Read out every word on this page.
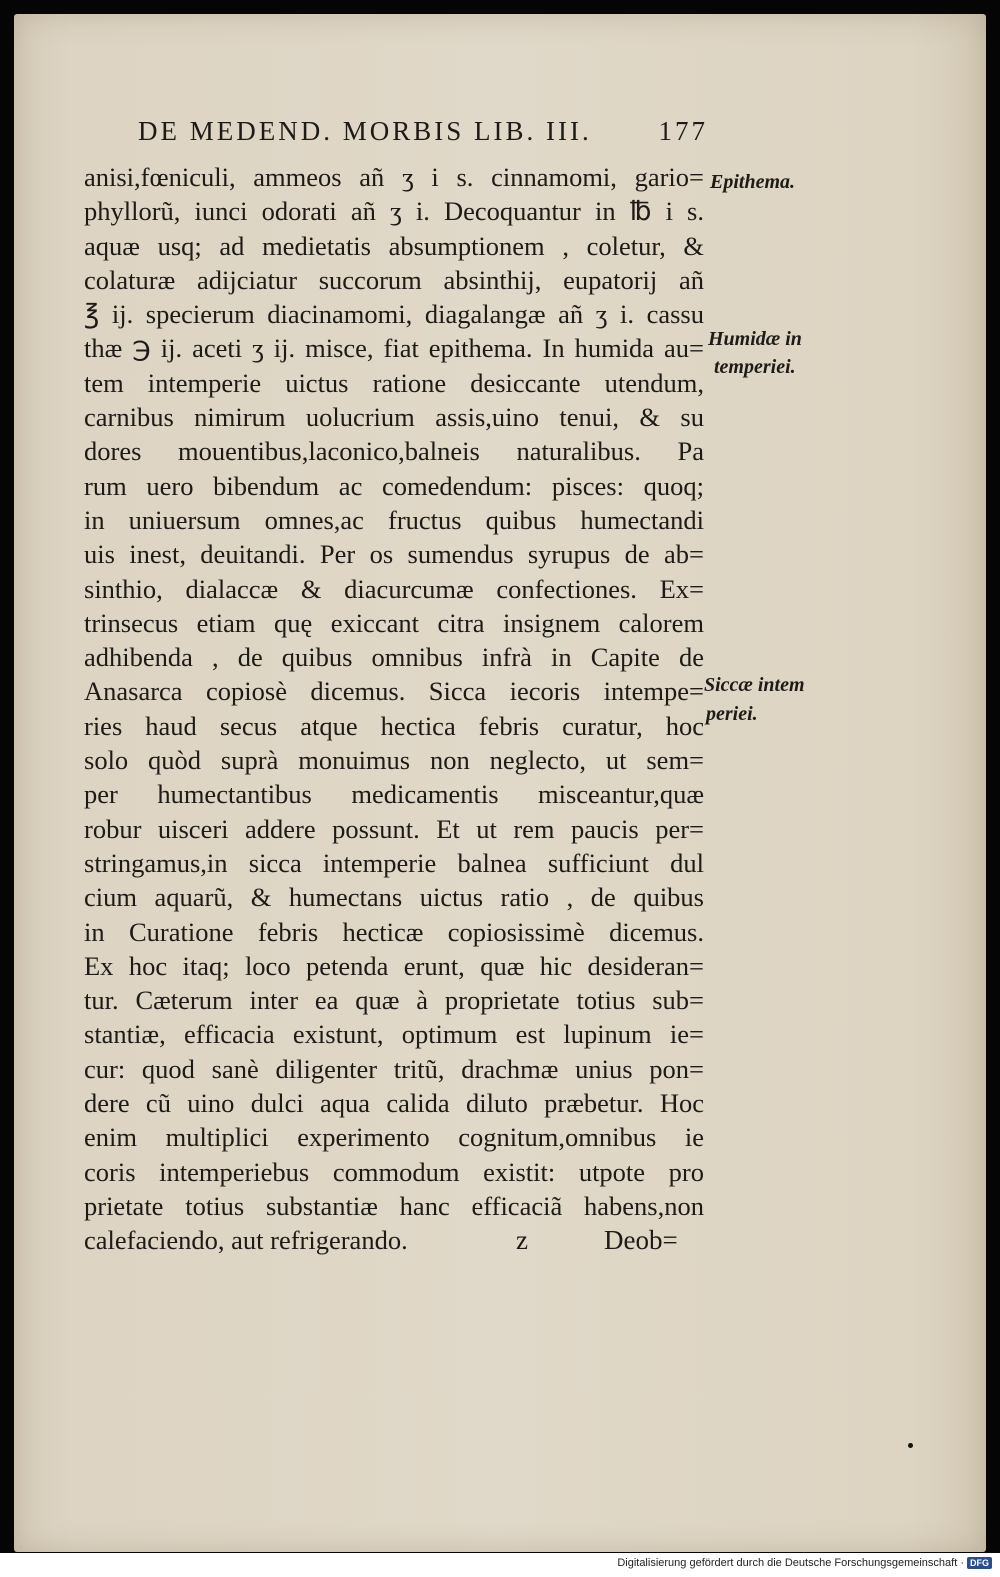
DE MEDEND. MORBIS LIB. III. 177
anisi,fœniculi, ammeos añ ʒ i s. cinnamomi, gario=
phyllorũ, iunci odorati añ ʒ i. Decoquantur in ℔ i s.
aquæ usq; ad medietatis absumptionem , coletur, &
colaturæ adijciatur succorum absinthij, eupatorij añ
℥ ij. specierum diacinamomi, diagalangæ añ ʒ i. cassu
thæ ℈ ij. aceti ʒ ij. misce, fiat epithema. In humida au=
tem intemperie uictus ratione desiccante utendum,
carnibus nimirum uolucrium assis,uino tenui, & su
dores mouentibus,laconico,balneis naturalibus. Pa
rum uero bibendum ac comedendum: pisces: quoq;
in uniuersum omnes,ac fructus quibus humectandi
uis inest, deuitandi. Per os sumendus syrupus de ab=
sinthio, dialaccæ & diacurcumæ confectiones. Ex=
trinsecus etiam quę exiccant citra insignem calorem
adhibenda , de quibus omnibus infrà in Capite de
Anasarca copiosè dicemus. Sicca iecoris intempe=
ries haud secus atque hectica febris curatur, hoc
solo quòd suprà monuimus non neglecto, ut sem=
per humectantibus medicamentis misceantur,quæ
robur uisceri addere possunt. Et ut rem paucis per=
stringamus,in sicca intemperie balnea sufficiunt dul
cium aquarũ, & humectans uictus ratio , de quibus
in Curatione febris hecticæ copiosissimè dicemus.
Ex hoc itaq; loco petenda erunt, quæ hic desideran=
tur. Cæterum inter ea quæ à proprietate totius sub=
stantiæ, efficacia existunt, optimum est lupinum ie=
cur: quod sanè diligenter tritũ, drachmæ unius pon=
dere cũ uino dulci aqua calida diluto præbetur. Hoc
enim multiplici experimento cognitum,omnibus ie
coris intemperiebus commodum existit: utpote pro
prietate totius substantiæ hanc efficaciã habens,non
calefaciendo, aut refrigerando.
Epithema.
Humidæ in
temperiei.
Siccæ intem
periei.
z	Deob=
Digitalisierung gefördert durch die Deutsche Forschungsgemeinschaft · DFG
